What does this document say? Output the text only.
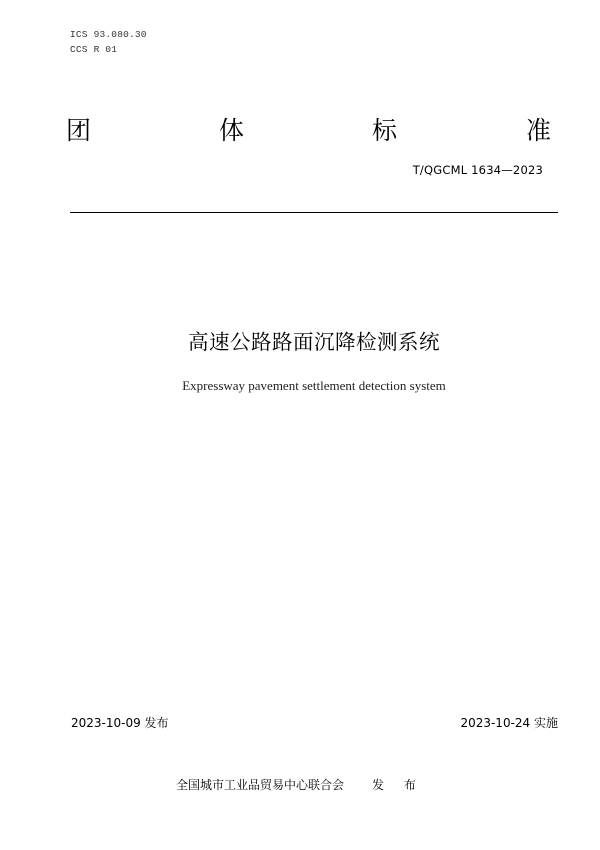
ICS 93.080.30
CCS R 01
团	体	标	准
T/QGCML 1634—2023
高速公路路面沉降检测系统
Expressway pavement settlement detection system
2023-10-09 发布	2023-10-24 实施
全国城市工业品贸易中心联合会 发 布
